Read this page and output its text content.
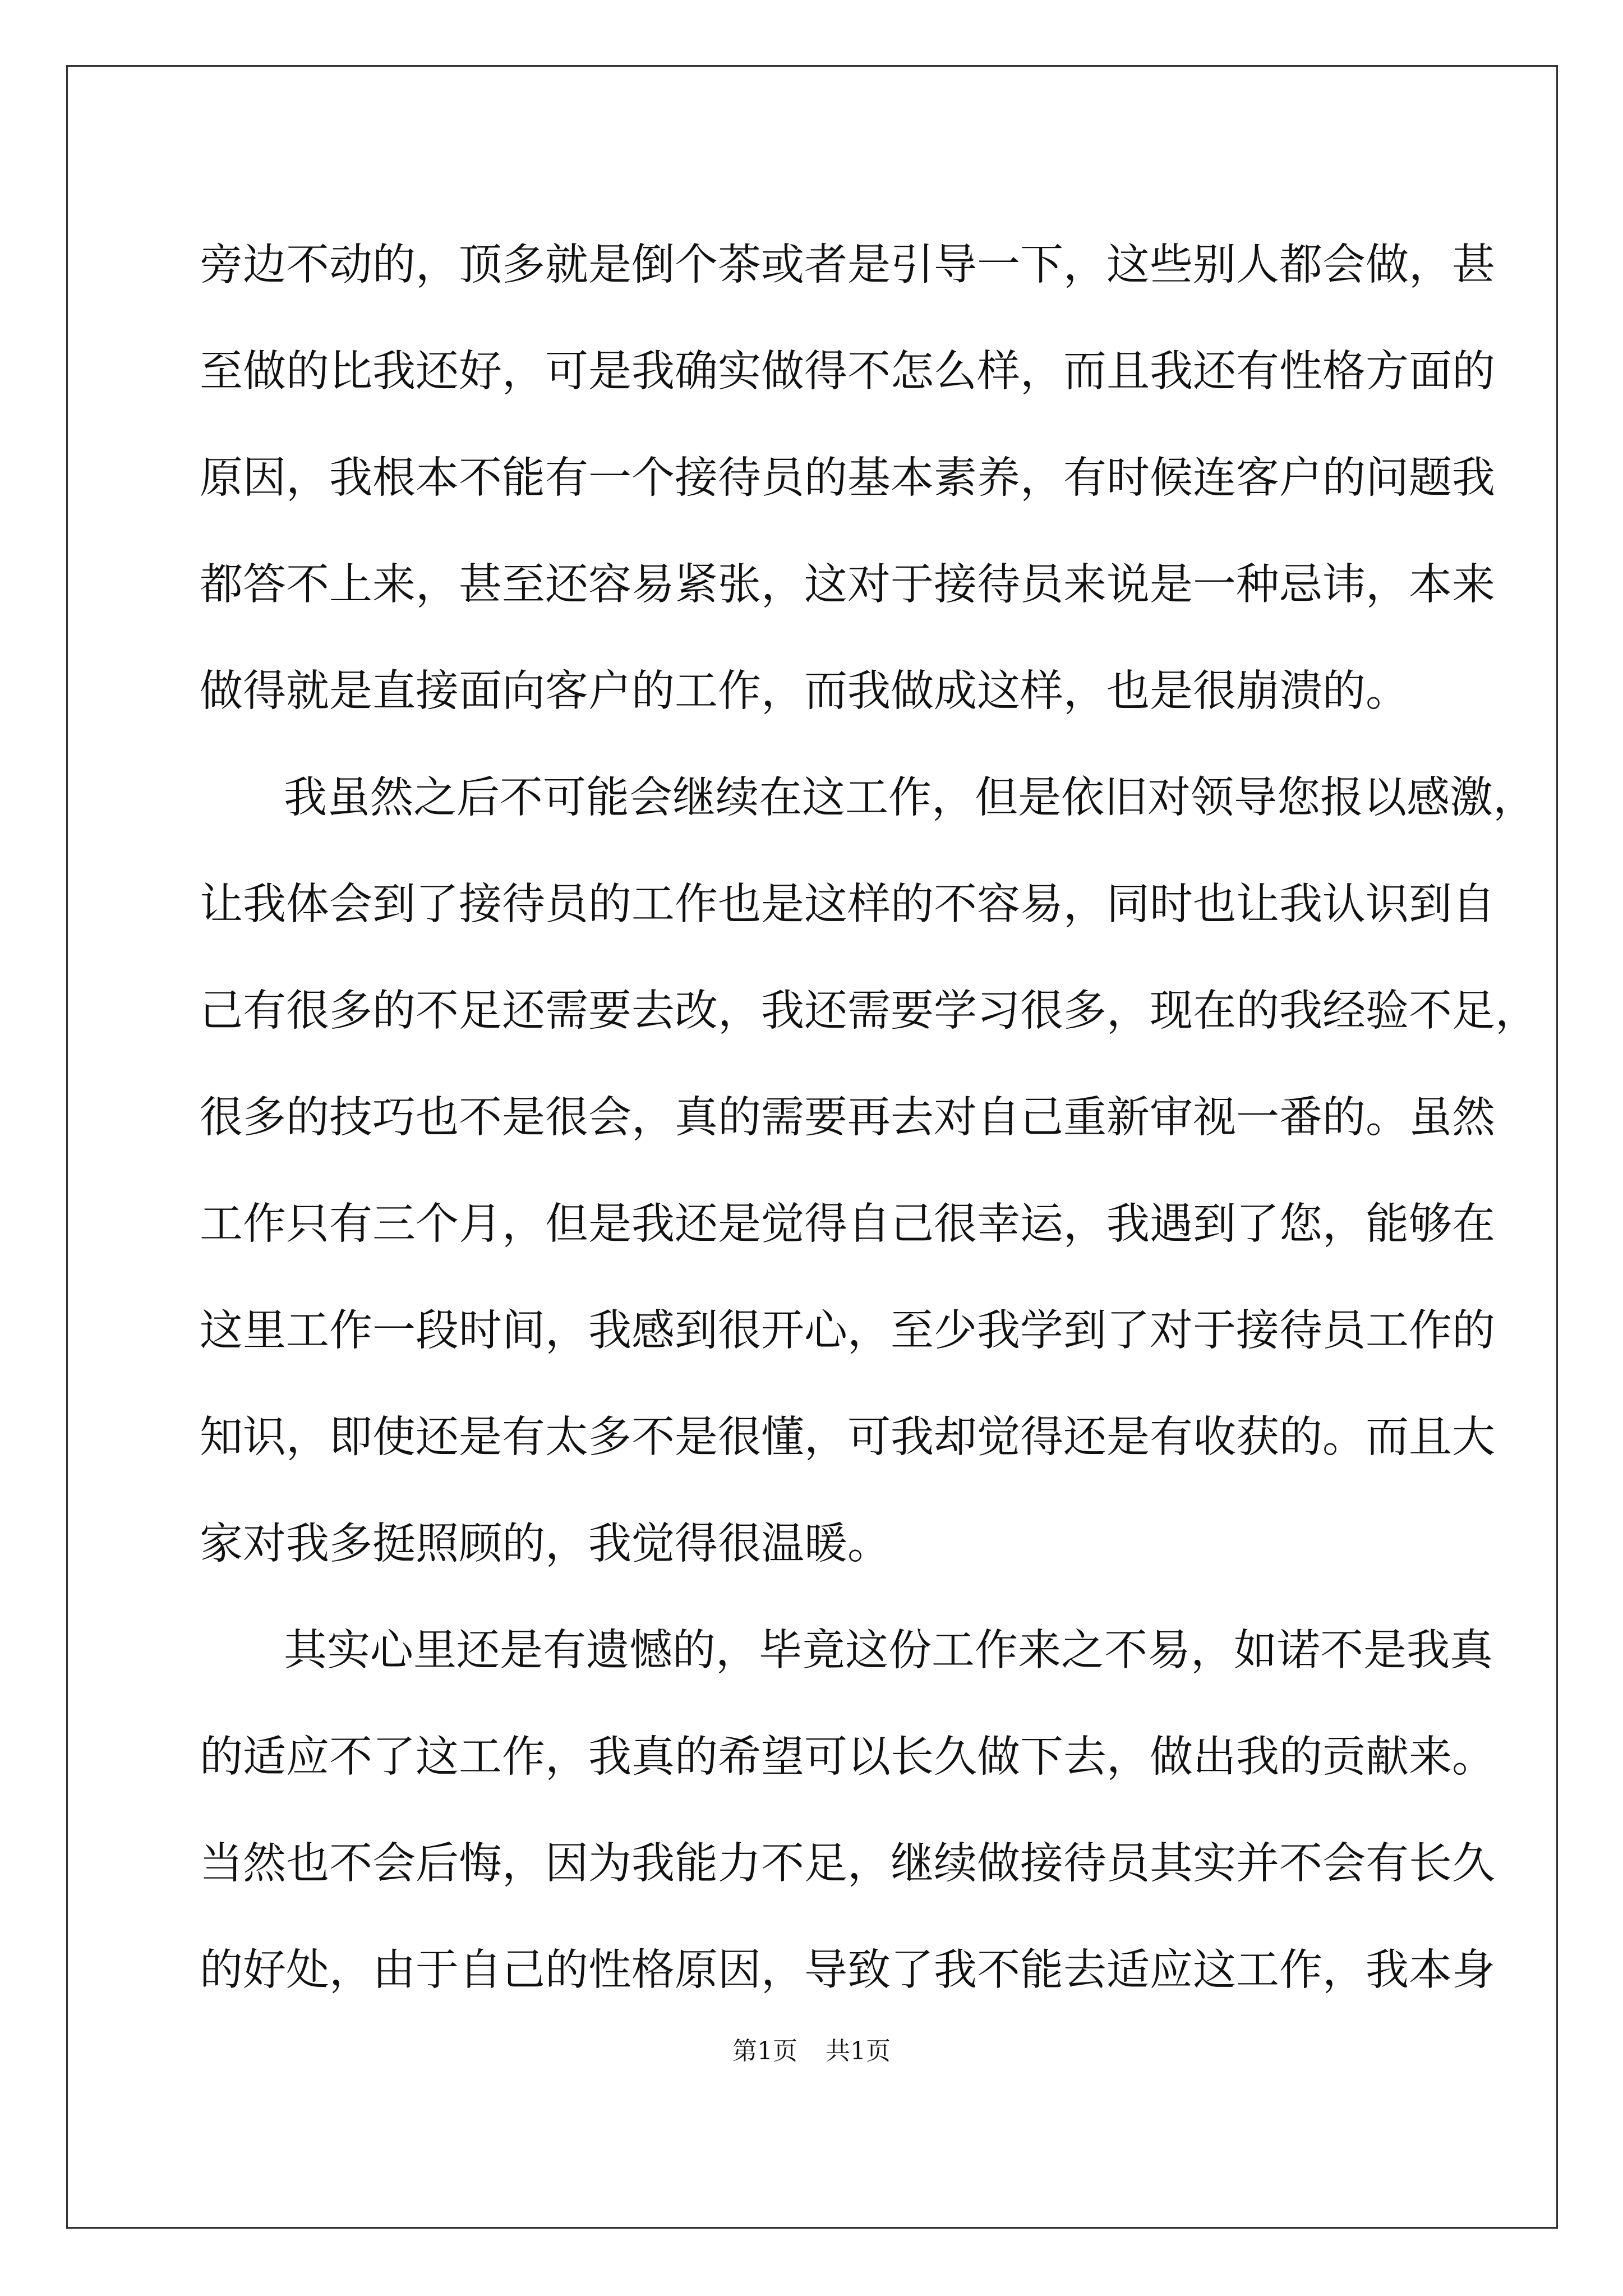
旁边不动的，顶多就是倒个茶或者是引导一下，这些别人都会做，甚
至做的比我还好，可是我确实做得不怎么样，而且我还有性格方面的
原因，我根本不能有一个接待员的基本素养，有时候连客户的问题我
都答不上来，甚至还容易紧张，这对于接待员来说是一种忌讳，本来
做得就是直接面向客户的工作，而我做成这样，也是很崩溃的。
我虽然之后不可能会继续在这工作，但是依旧对领导您报以感激，
让我体会到了接待员的工作也是这样的不容易，同时也让我认识到自
己有很多的不足还需要去改，我还需要学习很多，现在的我经验不足，
很多的技巧也不是很会，真的需要再去对自己重新审视一番的。虽然
工作只有三个月，但是我还是觉得自己很幸运，我遇到了您，能够在
这里工作一段时间，我感到很开心，至少我学到了对于接待员工作的
知识，即使还是有太多不是很懂，可我却觉得还是有收获的。而且大
家对我多挺照顾的，我觉得很温暖。
其实心里还是有遗憾的，毕竟这份工作来之不易，如诺不是我真
的适应不了这工作，我真的希望可以长久做下去，做出我的贡献来。
当然也不会后悔，因为我能力不足，继续做接待员其实并不会有长久
的好处，由于自己的性格原因，导致了我不能去适应这工作，我本身
第1页 共1页
